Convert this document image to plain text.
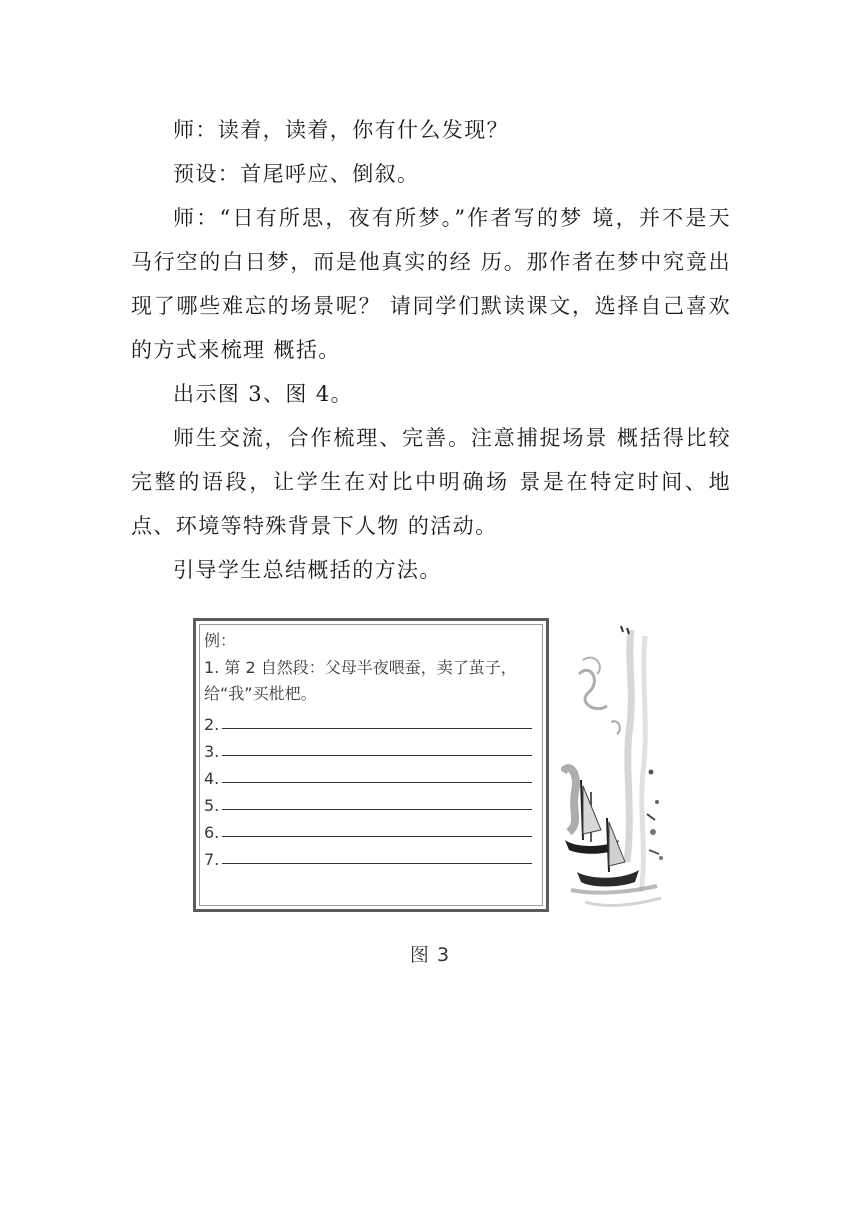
师：读着，读着，你有什么发现？

预设：首尾呼应、倒叙。

师：“日有所思，夜有所梦。”作者写的梦 境，并不是天马行空的白日梦，而是他真实的经 历。那作者在梦中究竟出现了哪些难忘的场景呢？ 请同学们默读课文，选择自己喜欢的方式来梳理 概括。

出示图 3、图 4。

师生交流，合作梳理、完善。注意捕捉场景 概括得比较完整的语段，让学生在对比中明确场 景是在特定时间、地点、环境等特殊背景下人物 的活动。

引导学生总结概括的方法。

例：

1. 第 2 自然段：父母半夜喂蚕，卖了茧子，给“我”买枇杷。

2.
3.
4.
5.
6.
7.
图 3
